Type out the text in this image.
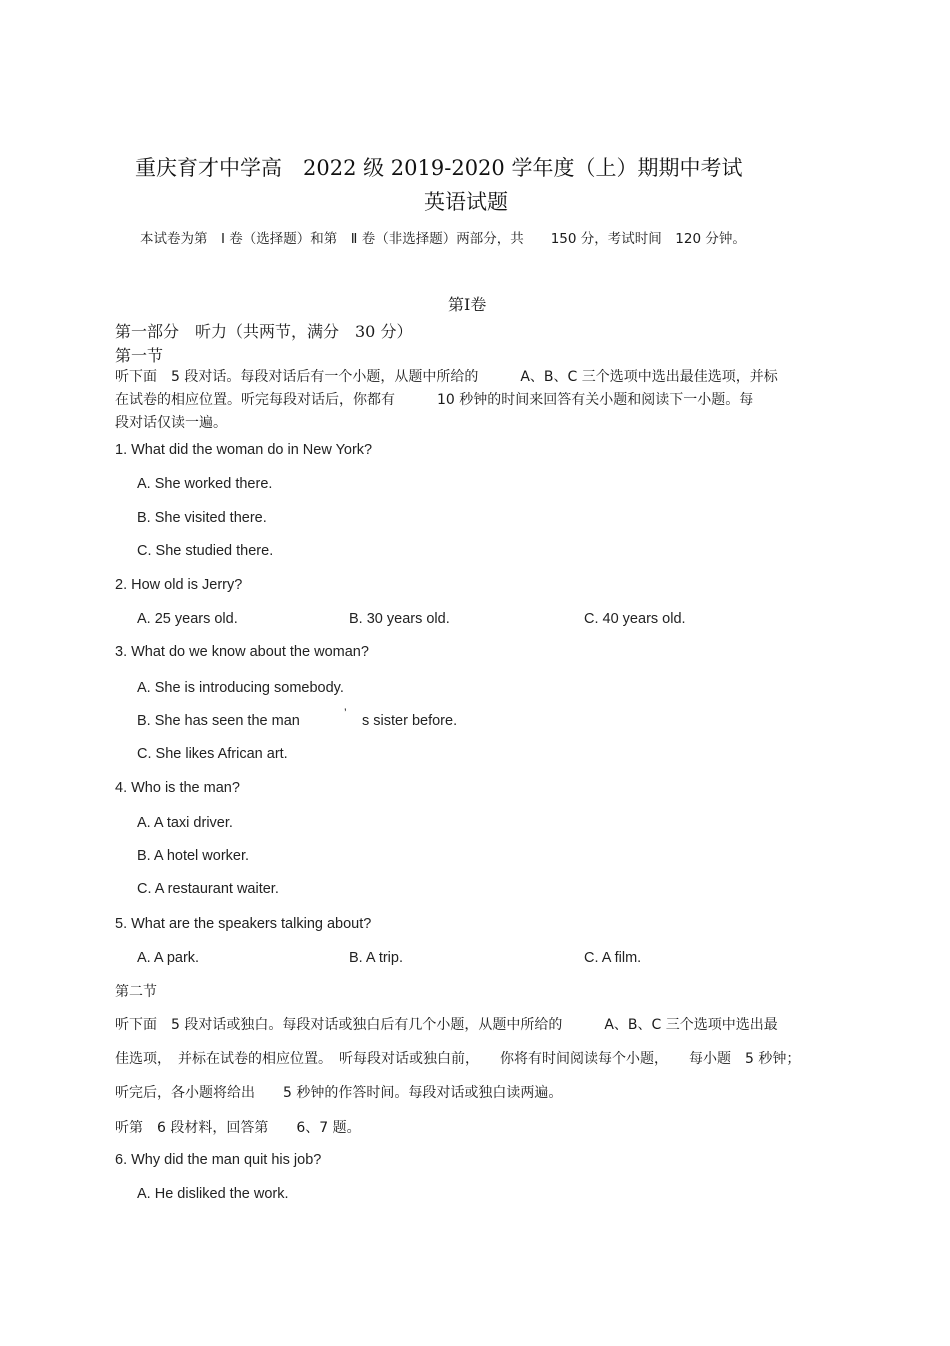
重庆育才中学高　2022 级 2019-2020 学年度（上）期期中考试
英语试题
本试卷为第　Ⅰ 卷（选择题）和第　Ⅱ 卷（非选择题）两部分，共　　150 分，考试时间　120 分钟。
第Ⅰ卷
第一部分　听力（共两节，满分　30 分）
第一节
听下面　5 段对话。每段对话后有一个小题，从题中所给的　　　A、B、C 三个选项中选出最佳选项，并标
在试卷的相应位置。听完每段对话后，你都有　　　10 秒钟的时间来回答有关小题和阅读下一小题。每
段对话仅读一遍。
1. What did the woman do in New York?
A. She worked there.
B. She visited there.
C. She studied there.
2. How old is Jerry?
A. 25 years old.	B. 30 years old.	C. 40 years old.
3. What do we know about the woman?
A. She is introducing somebody.
B. She has seen the man	’ s sister before.
C. She likes African art.
4. Who is the man?
A. A taxi driver.
B. A hotel worker.
C. A restaurant waiter.
5. What are the speakers talking about?
A. A park.	B. A trip.	C. A film.
第二节
听下面　5 段对话或独白。每段对话或独白后有几个小题，从题中所给的　　　A、B、C 三个选项中选出最
佳选项，　并标在试卷的相应位置。　听每段对话或独白前，　　你将有时间阅读每个小题，　　每小题　5 秒钟；
听完后，各小题将给出　　5 秒钟的作答时间。每段对话或独白读两遍。
听第　6 段材料，回答第　　6、7 题。
6. Why did the man quit his job?
A. He disliked the work.
